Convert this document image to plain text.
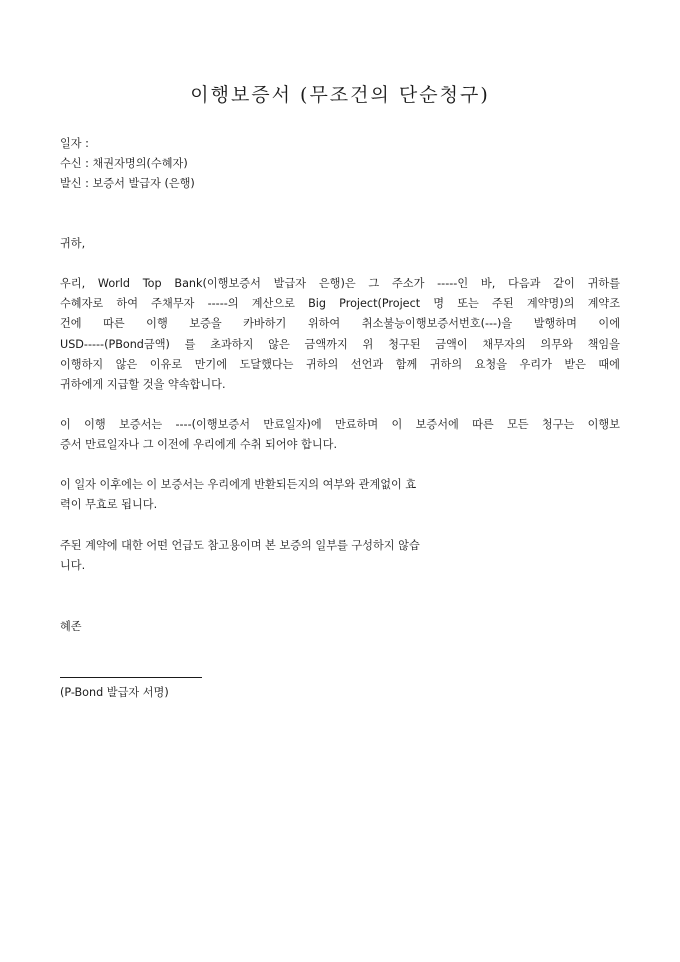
이행보증서 (무조건의 단순청구)
일자 :
수신 : 채권자명의(수혜자)
발신 : 보증서 발급자 (은행)
귀하,
우리, World Top Bank(이행보증서 발급자 은행)은 그 주소가 -----인 바, 다음과 같이 귀하를
수혜자로 하여 주채무자 -----의 계산으로 Big Project(Project 명 또는 주된 계약명)의 계약조
건에 따른 이행 보증을 카바하기 위하여 취소불능이행보증서번호(---)을 발행하며 이에
USD-----(PBond금액) 를 초과하지 않은 금액까지 위 청구된 금액이 채무자의 의무와 책임을
이행하지 않은 이유로 만기에 도달했다는 귀하의 선언과 함께 귀하의 요청을 우리가 받은 때에
귀하에게 지급할 것을 약속합니다.
이 이행 보증서는 ----(이행보증서 만료일자)에 만료하며 이 보증서에 따른 모든 청구는 이행보
증서 만료일자나 그 이전에 우리에게 수취 되어야 합니다.
이 일자 이후에는 이 보증서는 우리에게 반환되든지의 여부와 관계없이 효
력이 무효로 됩니다.
주된 계약에 대한 어떤 언급도 참고용이며 본 보증의 일부를 구성하지 않습
니다.
혜존
(P-Bond 발급자 서명)
